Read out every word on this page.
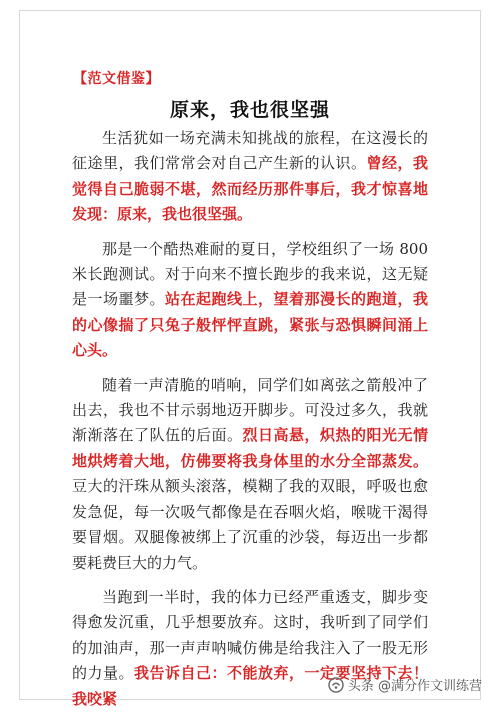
【范文借鉴】
原来，我也很坚强

生活犹如一场充满未知挑战的旅程，在这漫长的征途里，我们常常会对自己产生新的认识。曾经，我觉得自己脆弱不堪，然而经历那件事后，我才惊喜地发现：原来，我也很坚强。

那是一个酷热难耐的夏日，学校组织了一场 800米长跑测试。对于向来不擅长跑步的我来说，这无疑是一场噩梦。站在起跑线上，望着那漫长的跑道，我的心像揣了只兔子般怦怦直跳，紧张与恐惧瞬间涌上心头。

随着一声清脆的哨响，同学们如离弦之箭般冲了出去，我也不甘示弱地迈开脚步。可没过多久，我就渐渐落在了队伍的后面。烈日高悬，炽热的阳光无情地烘烤着大地，仿佛要将我身体里的水分全部蒸发。豆大的汗珠从额头滚落，模糊了我的双眼，呼吸也愈发急促，每一次吸气都像是在吞咽火焰，喉咙干渴得要冒烟。双腿像被绑上了沉重的沙袋，每迈出一步都要耗费巨大的力气。

当跑到一半时，我的体力已经严重透支，脚步变得愈发沉重，几乎想要放弃。这时，我听到了同学们的加油声，那一声声呐喊仿佛是给我注入了一股无形的力量。我告诉自己：不能放弃，一定要坚持下去！我咬紧

头条 @满分作文训练营
